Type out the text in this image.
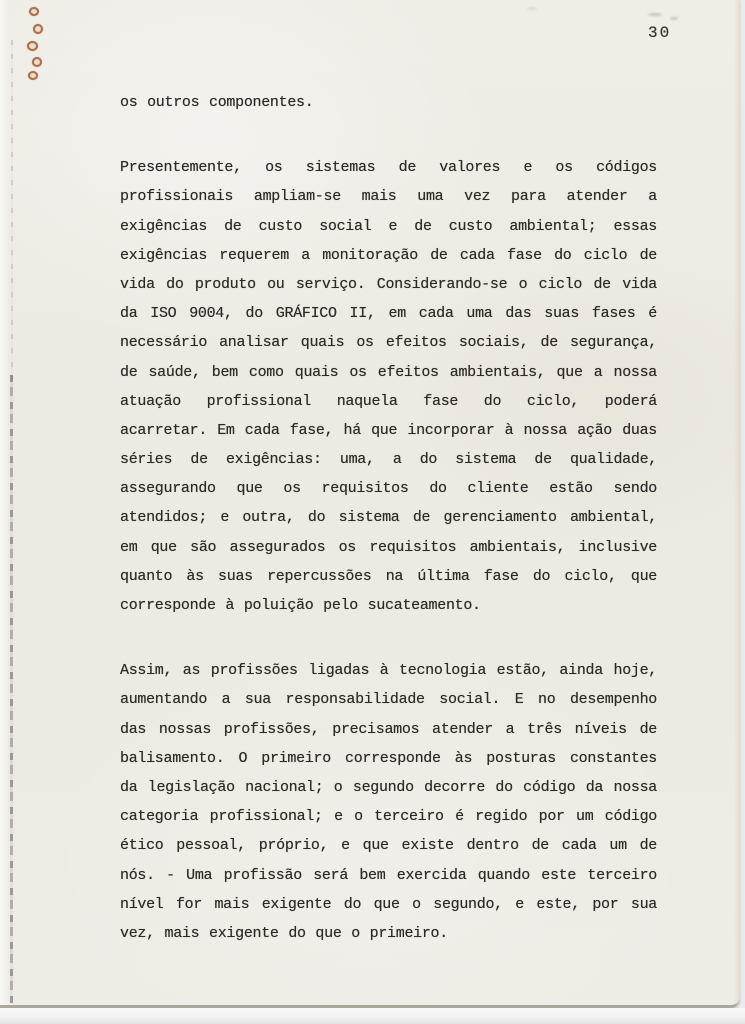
30
os outros componentes.
Presentemente, os sistemas de valores e os códigos
profissionais ampliam-se mais uma vez para atender a
exigências de custo social e de custo ambiental; essas
exigências requerem a monitoração de cada fase do ciclo de
vida do produto ou serviço. Considerando-se o ciclo de vida
da ISO 9004, do GRÁFICO II, em cada uma das suas fases é
necessário analisar quais os efeitos sociais, de segurança,
de saúde, bem como quais os efeitos ambientais, que a nossa
atuação profissional naquela fase do ciclo, poderá
acarretar. Em cada fase, há que incorporar à nossa ação duas
séries de exigências: uma, a do sistema de qualidade,
assegurando que os requisitos do cliente estão sendo
atendidos; e outra, do sistema de gerenciamento ambiental,
em que são assegurados os requisitos ambientais, inclusive
quanto às suas repercussões na última fase do ciclo, que
corresponde à poluição pelo sucateamento.
Assim, as profissões ligadas à tecnologia estão, ainda hoje,
aumentando a sua responsabilidade social. E no desempenho
das nossas profissões, precisamos atender a três níveis de
balisamento. O primeiro corresponde às posturas constantes
da legislação nacional; o segundo decorre do código da nossa
categoria profissional; e o terceiro é regido por um código
ético pessoal, próprio, e que existe dentro de cada um de
nós. - Uma profissão será bem exercida quando este terceiro
nível for mais exigente do que o segundo, e este, por sua
vez, mais exigente do que o primeiro.
